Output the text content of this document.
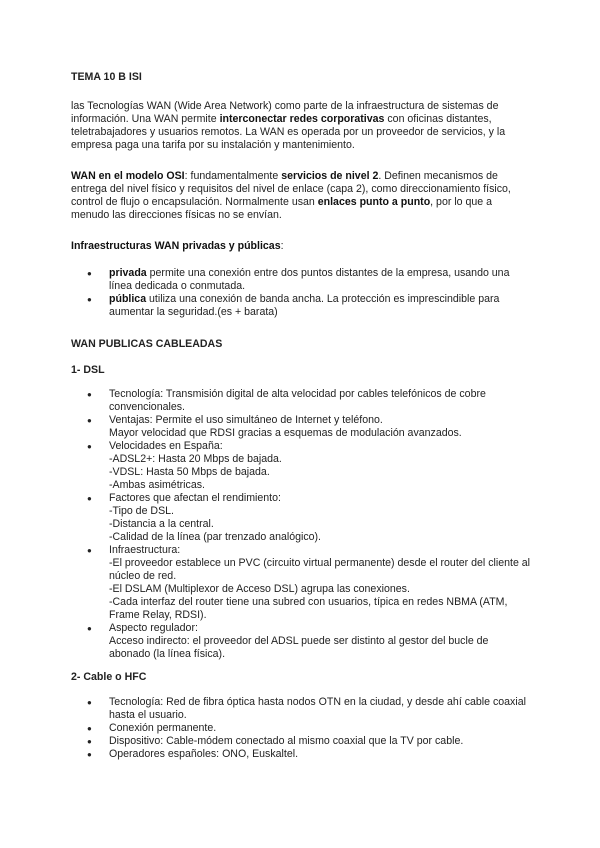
TEMA 10 B ISI
las Tecnologías WAN (Wide Area Network) como parte de la infraestructura de sistemas de información. Una WAN permite interconectar redes corporativas con oficinas distantes, teletrabajadores y usuarios remotos. La WAN es operada por un proveedor de servicios, y la empresa paga una tarifa por su instalación y mantenimiento.
WAN en el modelo OSI: fundamentalmente servicios de nivel 2. Definen mecanismos de entrega del nivel físico y requisitos del nivel de enlace (capa 2), como direccionamiento físico, control de flujo o encapsulación. Normalmente usan enlaces punto a punto, por lo que a menudo las direcciones físicas no se envían.
Infraestructuras WAN privadas y públicas:
● privada permite una conexión entre dos puntos distantes de la empresa, usando una línea dedicada o conmutada.
● pública utiliza una conexión de banda ancha. La protección es imprescindible para aumentar la seguridad.(es + barata)
WAN PUBLICAS CABLEADAS
1- DSL
● Tecnología: Transmisión digital de alta velocidad por cables telefónicos de cobre convencionales.
● Ventajas: Permite el uso simultáneo de Internet y teléfono.
Mayor velocidad que RDSI gracias a esquemas de modulación avanzados.
● Velocidades en España:
-ADSL2+: Hasta 20 Mbps de bajada.
-VDSL: Hasta 50 Mbps de bajada.
-Ambas asimétricas.
● Factores que afectan el rendimiento:
-Tipo de DSL.
-Distancia a la central.
-Calidad de la línea (par trenzado analógico).
● Infraestructura:
-El proveedor establece un PVC (circuito virtual permanente) desde el router del cliente al núcleo de red.
-El DSLAM (Multiplexor de Acceso DSL) agrupa las conexiones.
-Cada interfaz del router tiene una subred con usuarios, típica en redes NBMA (ATM, Frame Relay, RDSI).
● Aspecto regulador:
Acceso indirecto: el proveedor del ADSL puede ser distinto al gestor del bucle de abonado (la línea física).
2- Cable o HFC
● Tecnología: Red de fibra óptica hasta nodos OTN en la ciudad, y desde ahí cable coaxial hasta el usuario.
● Conexión permanente.
● Dispositivo: Cable-módem conectado al mismo coaxial que la TV por cable.
● Operadores españoles: ONO, Euskaltel.
